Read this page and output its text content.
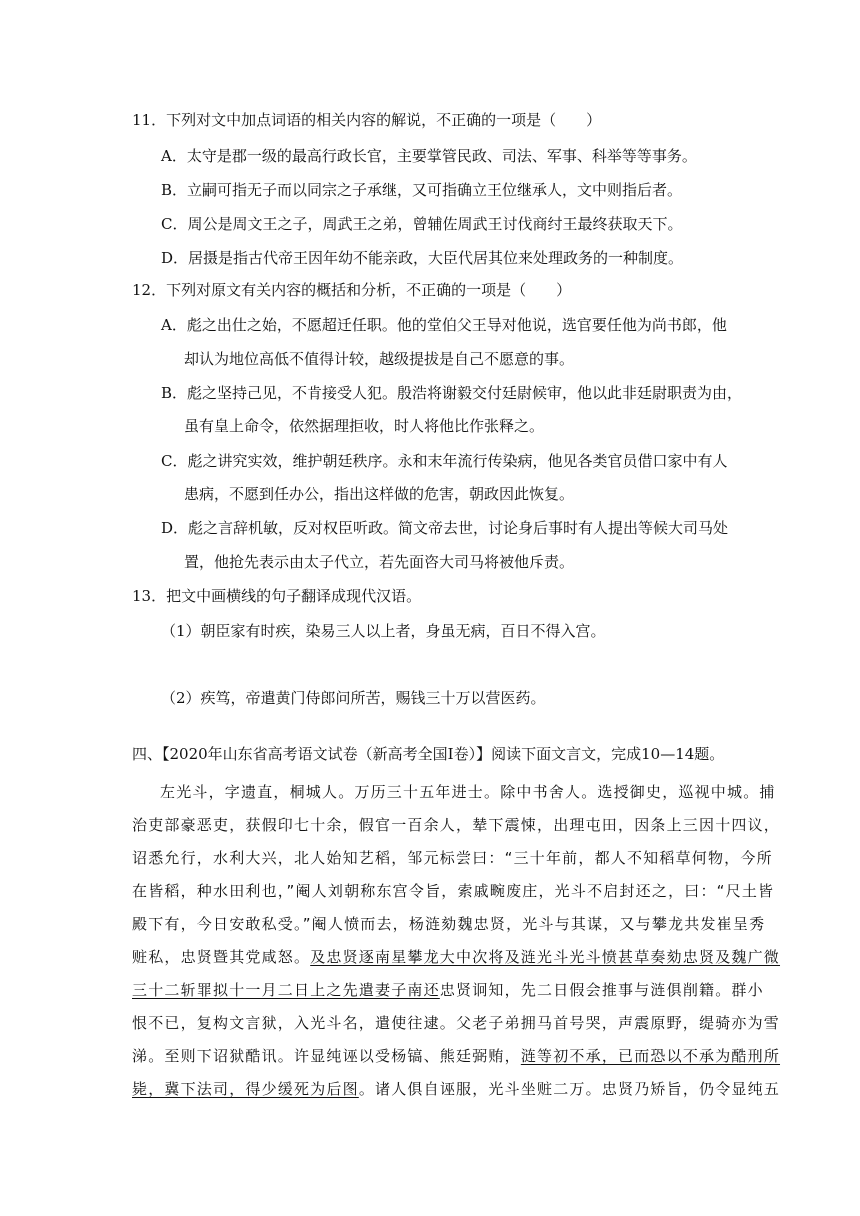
11．下列对文中加点词语的相关内容的解说，不正确的一项是（　　）
A．太守是郡一级的最高行政长官，主要掌管民政、司法、军事、科举等等事务。
B．立嗣可指无子而以同宗之子承继，又可指确立王位继承人，文中则指后者。
C．周公是周文王之子，周武王之弟，曾辅佐周武王讨伐商纣王最终获取天下。
D．居摄是指古代帝王因年幼不能亲政，大臣代居其位来处理政务的一种制度。
12．下列对原文有关内容的概括和分析，不正确的一项是（　　）
A．彪之出仕之始，不愿超迁任职。他的堂伯父王导对他说，选官要任他为尚书郎，他
却认为地位高低不值得计较，越级提拔是自己不愿意的事。
B．彪之坚持己见，不肯接受人犯。殷浩将谢毅交付廷尉候审，他以此非廷尉职责为由，
虽有皇上命令，依然据理拒收，时人将他比作张释之。
C．彪之讲究实效，维护朝廷秩序。永和末年流行传染病，他见各类官员借口家中有人
患病，不愿到任办公，指出这样做的危害，朝政因此恢复。
D．彪之言辞机敏，反对权臣听政。简文帝去世，讨论身后事时有人提出等候大司马处
置，他抢先表示由太子代立，若先面咨大司马将被他斥责。
13．把文中画横线的句子翻译成现代汉语。
（1）朝臣家有时疾，染易三人以上者，身虽无病，百日不得入宫。
（2）疾笃，帝遣黄门侍郎问所苦，赐钱三十万以营医药。
四、【2020年山东省高考语文试卷（新高考全国Ⅰ卷）】阅读下面文言文，完成10—14题。
左光斗，字遗直，桐城人。万历三十五年进士。除中书舍人。选授御史，巡视中城。捕
治吏部豪恶吏，获假印七十余，假官一百余人，辇下震悚，出理屯田，因条上三因十四议，
诏悉允行，水利大兴，北人始知艺稻，邹元标尝曰：“三十年前，都人不知稻草何物，今所
在皆稻，种水田利也，”阉人刘朝称东宫令旨，索戚畹废庄，光斗不启封还之，曰：“尺土皆
殿下有，今日安敢私受。”阉人愤而去，杨涟劾魏忠贤，光斗与其谋，又与攀龙共发崔呈秀
赃私，忠贤暨其党咸怒。及忠贤逐南星攀龙大中次将及涟光斗光斗愤甚草奏劾忠贤及魏广微
三十二斩罪拟十一月二日上之先遣妻子南还忠贤诇知，先二日假会推事与涟俱削籍。群小
恨不已，复构文言狱，入光斗名，遣使往逮。父老子弟拥马首号哭，声震原野，缇骑亦为雪
涕。至则下诏狱酷讯。许显纯诬以受杨镐、熊廷弼贿，涟等初不承，已而恐以不承为酷刑所
毙，冀下法司，得少缓死为后图。诸人俱自诬服，光斗坐赃二万。忠贤乃矫旨，仍令显纯五
